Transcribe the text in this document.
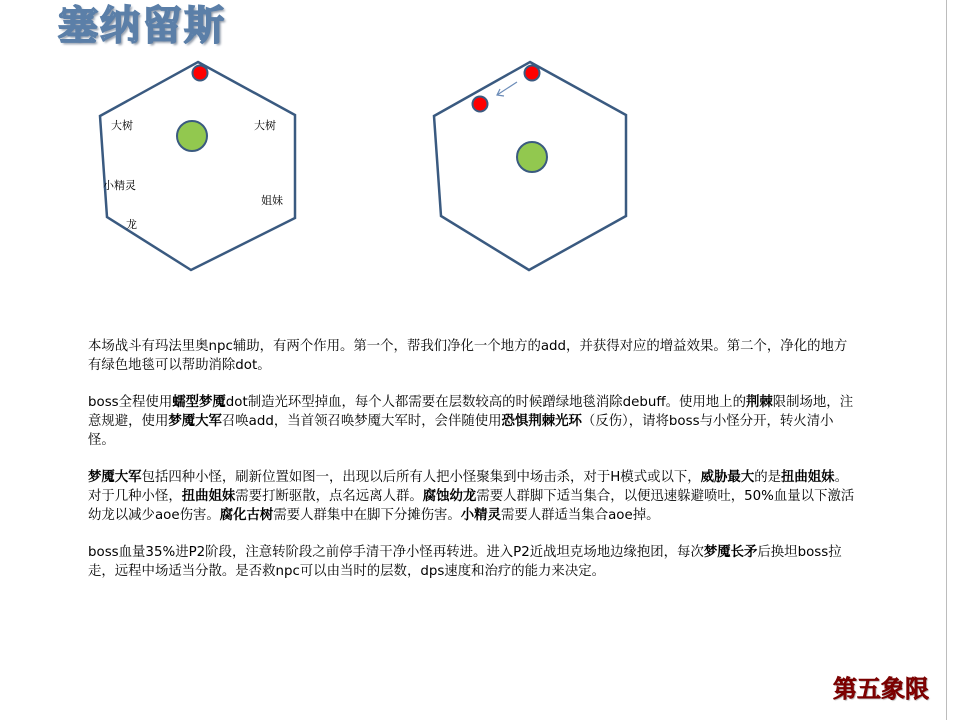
塞纳留斯
大树	大树
小精灵
姐妹
龙

本场战斗有玛法里奥npc辅助，有两个作用。第一个，帮我们净化一个地方的add，并获得对应的增益效果。第二个，净化的地方有绿色地毯可以帮助消除dot。

boss全程使用蠕型梦魇dot制造光环型掉血，每个人都需要在层数较高的时候蹭绿地毯消除debuff。使用地上的荆棘限制场地，注意规避，使用梦魇大军召唤add，当首领召唤梦魇大军时，会伴随使用恐惧荆棘光环（反伤），请将boss与小怪分开，转火清小怪。

梦魇大军包括四种小怪，刷新位置如图一，出现以后所有人把小怪聚集到中场击杀，对于H模式或以下，威胁最大的是扭曲姐妹。对于几种小怪，扭曲姐妹需要打断驱散，点名远离人群。腐蚀幼龙需要人群脚下适当集合，以便迅速躲避喷吐，50%血量以下激活幼龙以减少aoe伤害。腐化古树需要人群集中在脚下分摊伤害。小精灵需要人群适当集合aoe掉。

boss血量35%进P2阶段，注意转阶段之前停手清干净小怪再转进。进入P2近战坦克场地边缘抱团，每次梦魇长矛后换坦boss拉走，远程中场适当分散。是否救npc可以由当时的层数，dps速度和治疗的能力来决定。

第五象限
